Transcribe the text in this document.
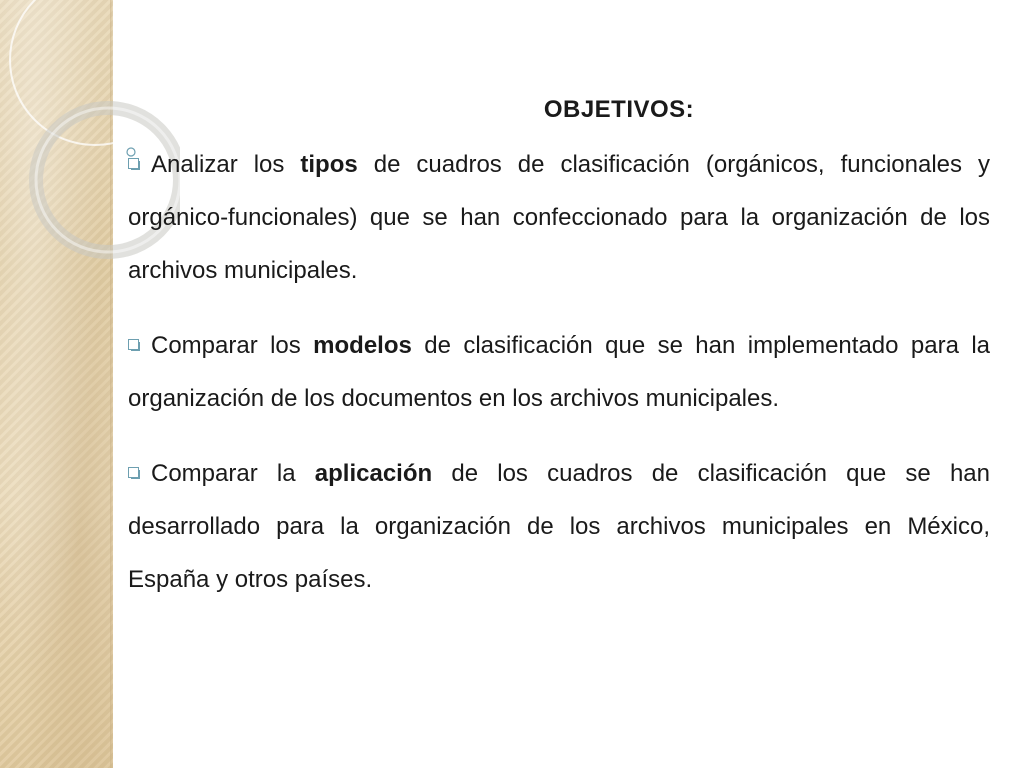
OBJETIVOS:

Analizar los tipos de cuadros de clasificación (orgánicos, funcionales y orgánico-funcionales) que se han confeccionado para la organización de los archivos municipales.

Comparar los modelos de clasificación que se han implementado para la organización de los documentos en los archivos municipales.

Comparar la aplicación de los cuadros de clasificación que se han desarrollado para la organización de los archivos municipales en México, España y otros países.
